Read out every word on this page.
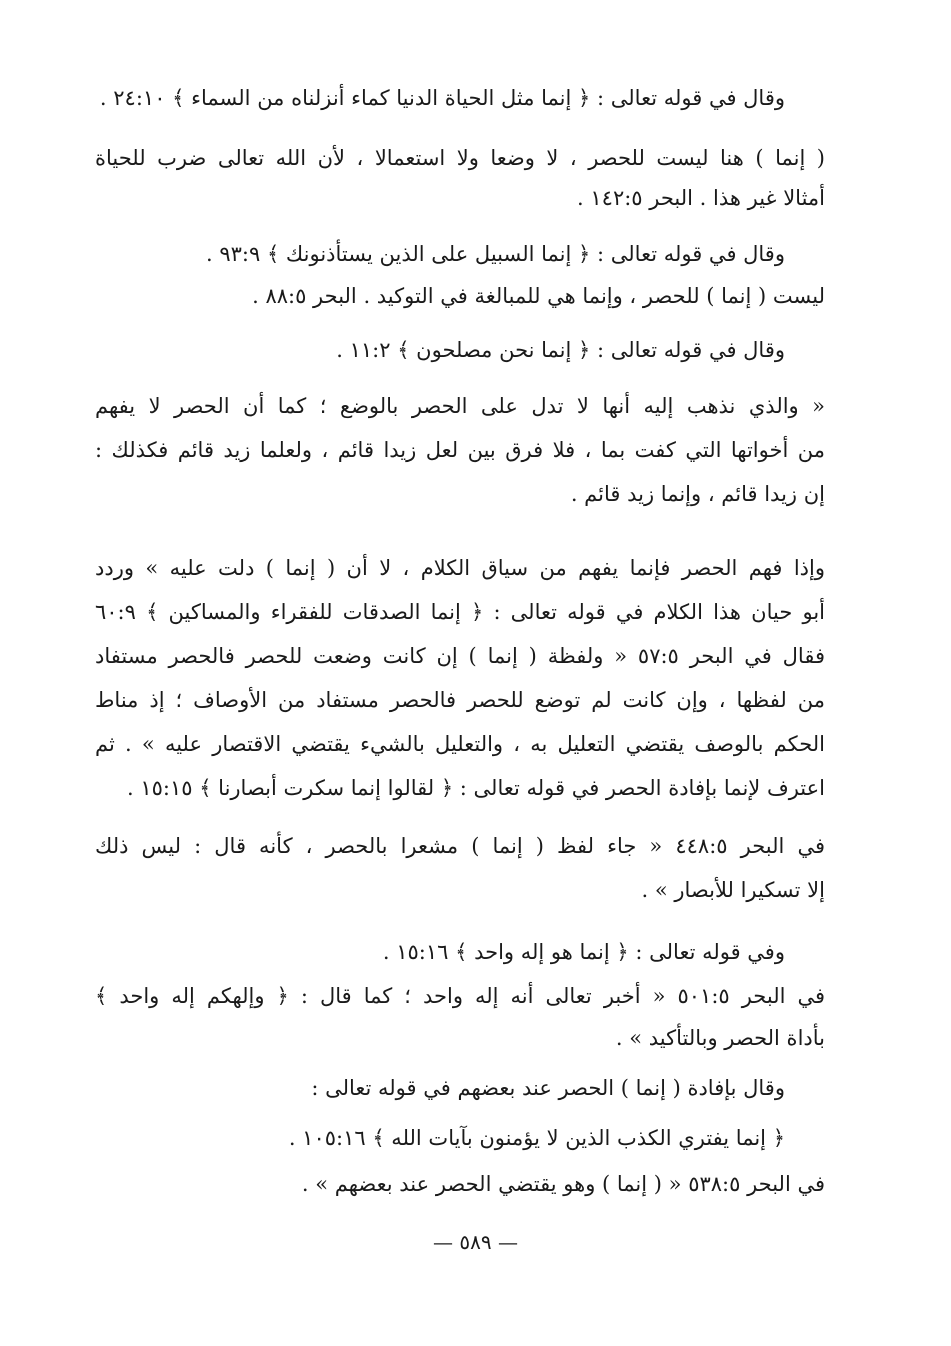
وقال في قوله تعالى : ﴿ إنما مثل الحياة الدنيا كماء أنزلناه من السماء ﴾ ٢٤:١٠ .
( إنما ) هنا ليست للحصر ، لا وضعا ولا استعمالا ، لأن الله تعالى ضرب للحياة
أمثالا غير هذا . البحر ١٤٢:٥ .
وقال في قوله تعالى : ﴿ إنما السبيل على الذين يستأذنونك ﴾ ٩٣:٩ .
ليست ( إنما ) للحصر ، وإنما هي للمبالغة في التوكيد . البحر ٨٨:٥ .
وقال في قوله تعالى : ﴿ إنما نحن مصلحون ﴾ ١١:٢ .
« والذي نذهب إليه أنها لا تدل على الحصر بالوضع ؛ كما أن الحصر لا يفهم
من أخواتها التي كفت بما ، فلا فرق بين لعل زيدا قائم ، ولعلما زيد قائم فكذلك :
إن زيدا قائم ، وإنما زيد قائم .
وإذا فهم الحصر فإنما يفهم من سياق الكلام ، لا أن ( إنما ) دلت عليه » وردد
أبو حيان هذا الكلام في قوله تعالى : ﴿ إنما الصدقات للفقراء والمساكين ﴾ ٦٠:٩
فقال في البحر ٥٧:٥ « ولفظة ( إنما ) إن كانت وضعت للحصر فالحصر مستفاد
من لفظها ، وإن كانت لم توضع للحصر فالحصر مستفاد من الأوصاف ؛ إذ مناط
الحكم بالوصف يقتضي التعليل به ، والتعليل بالشيء يقتضي الاقتصار عليه » . ثم
اعترف لإنما بإفادة الحصر في قوله تعالى : ﴿ لقالوا إنما سكرت أبصارنا ﴾ ١٥:١٥ .
في البحر ٤٤٨:٥ « جاء لفظ ( إنما ) مشعرا بالحصر ، كأنه قال : ليس ذلك
إلا تسكيرا للأبصار » .
وفي قوله تعالى : ﴿ إنما هو إله واحد ﴾ ١٥:١٦ .
في البحر ٥٠١:٥ « أخبر تعالى أنه إله واحد ؛ كما قال : ﴿ وإلهكم إله واحد ﴾
بأداة الحصر وبالتأكيد » .
وقال بإفادة ( إنما ) الحصر عند بعضهم في قوله تعالى :
﴿ إنما يفتري الكذب الذين لا يؤمنون بآيات الله ﴾ ١٠٥:١٦ .
في البحر ٥٣٨:٥ « ( إنما ) وهو يقتضي الحصر عند بعضهم » .
— ٥٨٩ —
